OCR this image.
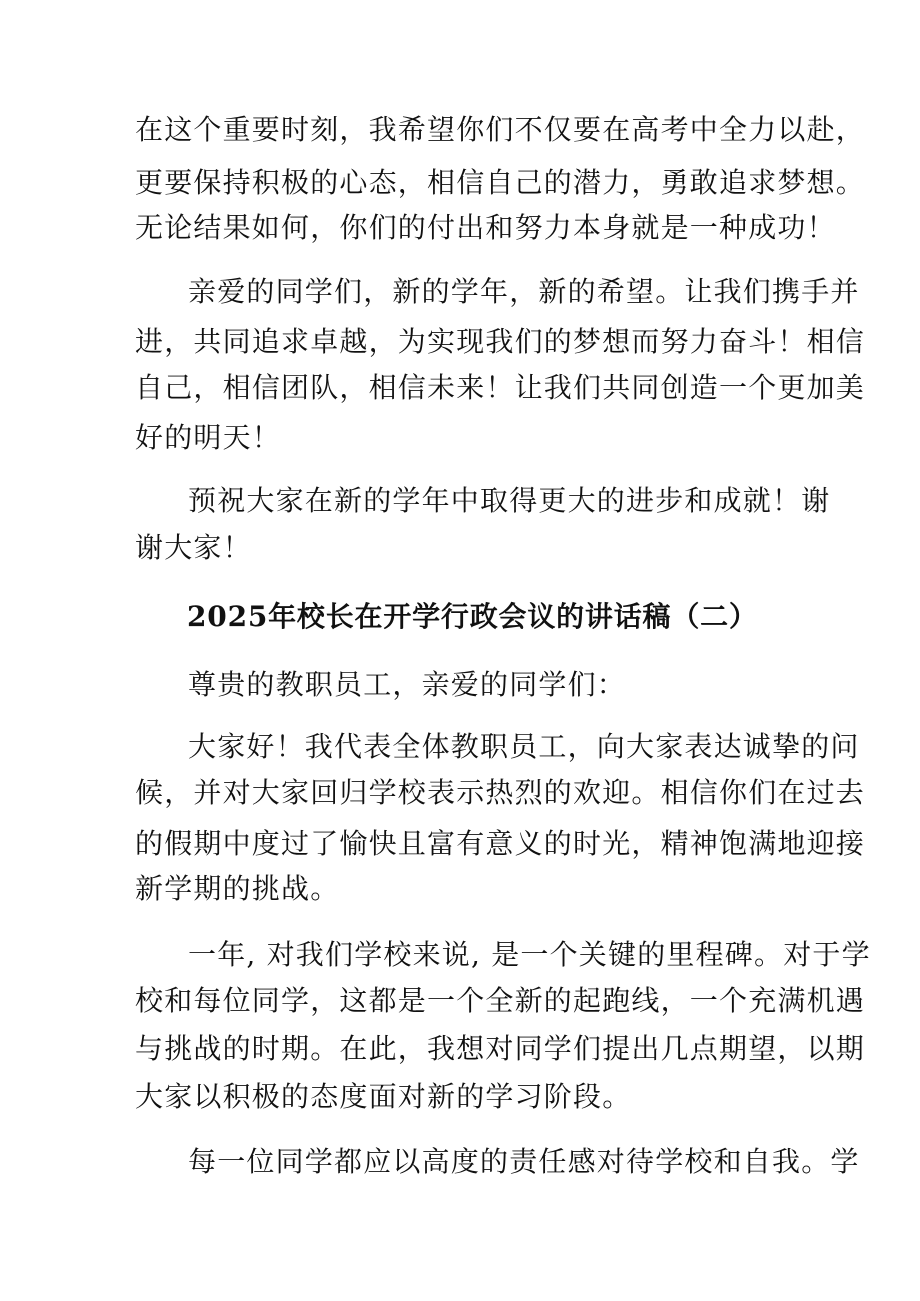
在这个重要时刻，我希望你们不仅要在高考中全力以赴，
更要保持积极的心态，相信自己的潜力，勇敢追求梦想。
无论结果如何，你们的付出和努力本身就是一种成功！
亲爱的同学们，新的学年，新的希望。让我们携手并
进，共同追求卓越，为实现我们的梦想而努力奋斗！相信
自己，相信团队，相信未来！让我们共同创造一个更加美
好的明天！
预祝大家在新的学年中取得更大的进步和成就！谢
谢大家！
2025年校长在开学行政会议的讲话稿（二）
尊贵的教职员工，亲爱的同学们：
大家好！我代表全体教职员工，向大家表达诚挚的问
候，并对大家回归学校表示热烈的欢迎。相信你们在过去
的假期中度过了愉快且富有意义的时光，精神饱满地迎接
新学期的挑战。
一年, 对我们学校来说, 是一个关键的里程碑。对于学
校和每位同学，这都是一个全新的起跑线，一个充满机遇
与挑战的时期。在此，我想对同学们提出几点期望，以期
大家以积极的态度面对新的学习阶段。
每一位同学都应以高度的责任感对待学校和自我。学
